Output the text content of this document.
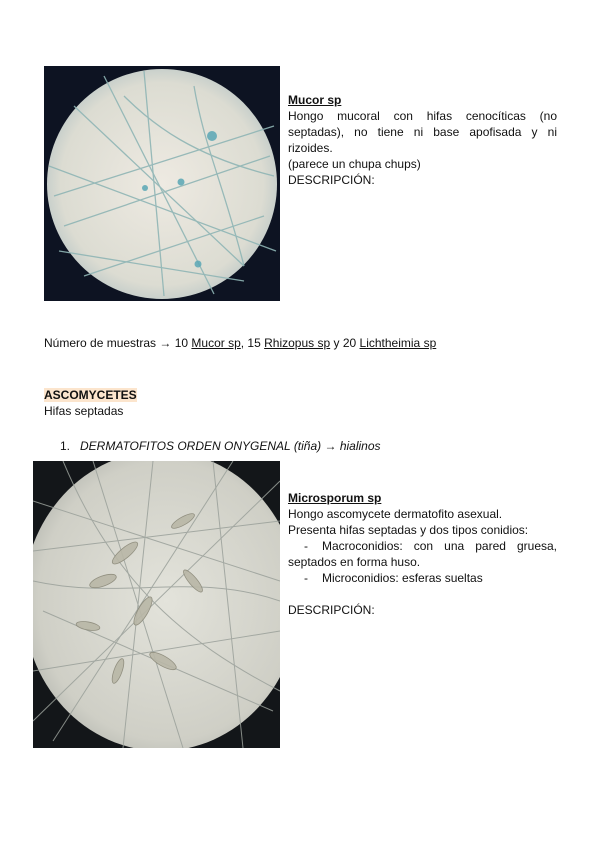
Mucor sp

Hongo mucoral con hifas cenocíticas (no

septadas), no tiene ni base apofisada y ni

rizoides.

(parece un chupa chups)

DESCRIPCIÓN:

Número de muestras → 10 Mucor sp, 15 Rhizopus sp y 20 Lichtheimia sp
ASCOMYCETES
Hifas septadas
1. DERMATOFITOS ORDEN ONYGENAL (tiña) → hialinos

Microsporum sp

Hongo ascomycete dermatofito asexual.

Presenta hifas septadas y dos tipos conidios:

-	Macroconidios: con una pared gruesa, septados en forma huso.
-	Microconidios: esferas sueltas

DESCRIPCIÓN:
